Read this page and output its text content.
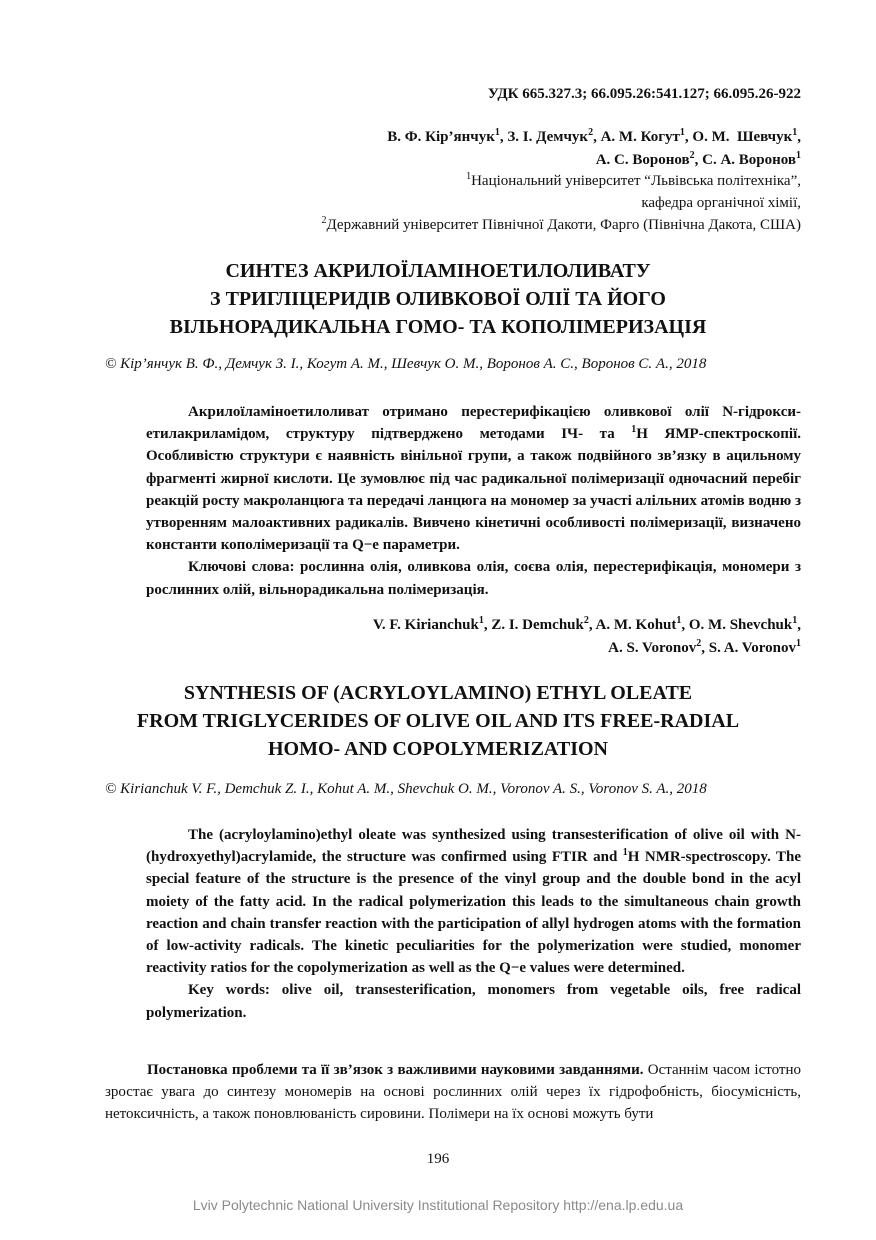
УДК 665.327.3; 66.095.26:541.127; 66.095.26-922
В. Ф. Кір’янчук$^1$, З. І. Демчук$^2$, А. М. Когут$^1$, О. М.  Шевчук$^1$,
А. С. Воронов$^2$, С. А. Воронов$^1$
$^1$Національний університет “Львівська політехніка”,
кафедра органічної хімії,
$^2$Державний університет Північної Дакоти, Фарго (Північна Дакота, США)
СИНТЕЗ АКРИЛОЇЛАМІНОЕТИЛОЛИВАТУ
З ТРИГЛІЦЕРИДІВ ОЛИВКОВОЇ ОЛІЇ ТА ЙОГО
ВІЛЬНОРАДИКАЛЬНА ГОМО- ТА КОПОЛІМЕРИЗАЦІЯ
© Кір’янчук В. Ф., Демчук З. І., Когут А. М., Шевчук О. М., Воронов А. С., Воронов С. А., 2018

Акрилоїламіноетилоливат отримано перестерифікацією оливкової олії N-гідроксиетилакриламідом, структуру підтверджено методами ІЧ- та $^1$Н ЯМР-спектроскопії. Особливістю структури є наявність вінільної групи, а також подвійного зв’язку в ацильному фрагменті жирної кислоти. Це зумовлює під час радикальної полімеризації одночасний перебіг реакцій росту макроланцюга та передачі ланцюга на мономер за участі алільних атомів водню з утворенням малоактивних радикалів. Вивчено кінетичні особливості полімеризації, визначено константи кополімеризації та Q−е параметри.

Ключові слова: рослинна олія, оливкова олія, соєва олія, перестерифікація, мономери з рослинних олій, вільнорадикальна полімеризація.

V. F. Kirianchuk$^1$, Z. I. Demchuk$^2$, A. M. Kohut$^1$, O. M. Shevchuk$^1$,
A. S. Voronov$^2$, S. A. Voronov$^1$
SYNTHESIS OF (ACRYLOYLAMINO) ETHYL OLEATE
FROM TRIGLYCERIDES OF OLIVE OIL AND ITS FREE-RADIAL
HOMO- AND COPOLYMERIZATION
© Kirianchuk V. F., Demchuk Z. I., Kohut A. M., Shevchuk O. M., Voronov A. S., Voronov S. A., 2018

The (acryloylamino)ethyl oleate was synthesized using transesterification of olive oil with N-(hydroxyethyl)acrylamide, the structure was confirmed using FTIR and $^1$H NMR-spectroscopy. The special feature of the structure is the presence of the vinyl group and the double bond in the acyl moiety of the fatty acid. In the radical polymerization this leads to the simultaneous chain growth reaction and chain transfer reaction with the participation of allyl hydrogen atoms with the formation of low-activity radicals. The kinetic peculiarities for the polymerization were studied, monomer reactivity ratios for the copolymerization as well as the Q−e values were determined.

Key words: olive oil, transesterification, monomers from vegetable oils, free radical polymerization.

Постановка проблеми та її зв’язок з важливими науковими завданнями. Останнім часом істотно зростає увага до синтезу мономерів на основі рослинних олій через їх гідрофобність, біосумісність, нетоксичність, а також поновлюваність сировини. Полімери на їх основі можуть бути

196
Lviv Polytechnic National University Institutional Repository http://ena.lp.edu.ua
